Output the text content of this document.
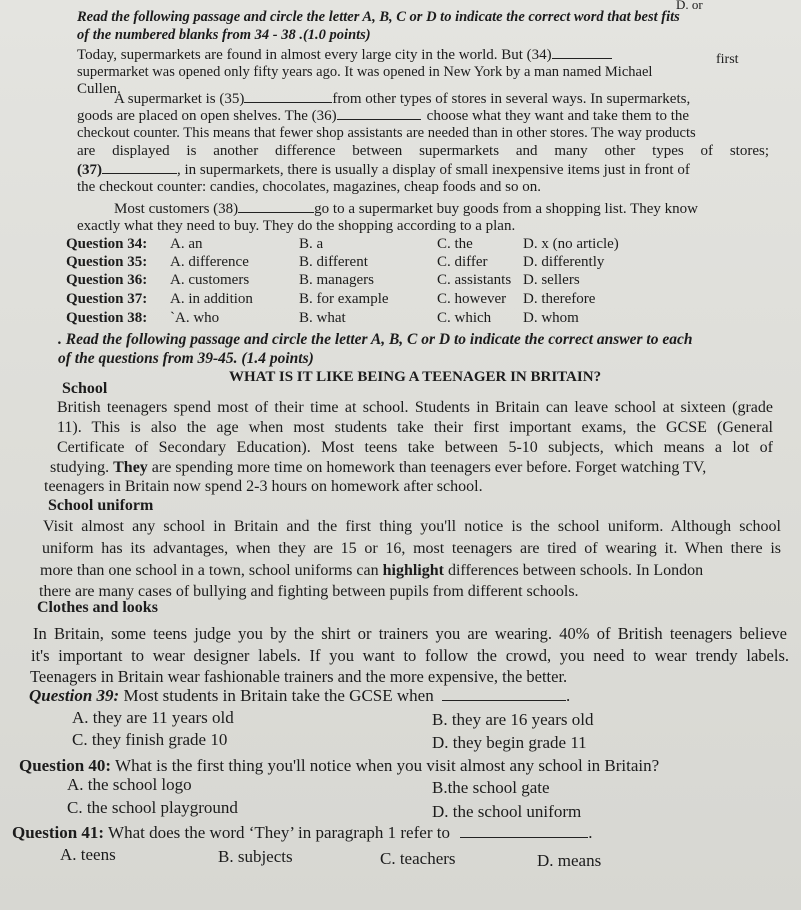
D. or
Read the following passage and circle the letter A, B, C or D to indicate the correct word that best fits
of the numbered blanks from 34 - 38 .(1.0 points)
Today, supermarkets are found in almost every large city in the world. But (34)	first
supermarket was opened only fifty years ago. It was opened in New York by a man named Michael
Cullen.
A supermarket is (35)	from other types of stores in several ways. In supermarkets,
goods are placed on open shelves. The (36)	choose what they want and take them to the
checkout counter. This means that fewer shop assistants are needed than in other stores. The way products
are displayed is another difference between supermarkets and many other types of stores;
(37)	, in supermarkets, there is usually a display of small inexpensive items just in front of
the checkout counter: candies, chocolates, magazines, cheap foods and so on.
Most customers (38)	go to a supermarket buy goods from a shopping list. They know
exactly what they need to buy. They do the shopping according to a plan.
Question 34: A. an	B. a	C. the	D. x (no article)
Question 35: A. difference	B. different	C. differ D. differently
Question 36: A. customers	B. managers	C. assistants D. sellers
Question 37: A. in addition	B. for example	C. however D. therefore
Question 38: `A. who	B. what	C. which D. whom
. Read the following passage and circle the letter A, B, C or D to indicate the correct answer to each
of the questions from 39-45. (1.4 points)
WHAT IS IT LIKE BEING A TEENAGER IN BRITAIN?
School
British teenagers spend most of their time at school. Students in Britain can leave school at sixteen (grade
11). This is also the age when most students take their first important exams, the GCSE (General
Certificate of Secondary Education). Most teens take between 5-10 subjects, which means a lot of
studying. They are spending more time on homework than teenagers ever before. Forget watching TV,
teenagers in Britain now spend 2-3 hours on homework after school.
School uniform
Visit almost any school in Britain and the first thing you'll notice is the school uniform. Although school
uniform has its advantages, when they are 15 or 16, most teenagers are tired of wearing it. When there is
more than one school in a town, school uniforms can highlight differences between schools. In London
there are many cases of bullying and fighting between pupils from different schools.
Clothes and looks
In Britain, some teens judge you by the shirt or trainers you are wearing. 40% of British teenagers believe
it's important to wear designer labels. If you want to follow the crowd, you need to wear trendy labels.
Teenagers in Britain wear fashionable trainers and the more expensive, the better.
Question 39: Most students in Britain take the GCSE when	.
A. they are 11 years old	B. they are 16 years old
C. they finish grade 10	D. they begin grade 11
Question 40: What is the first thing you'll notice when you visit almost any school in Britain?
A. the school logo	B.the school gate
C. the school playground	D. the school uniform
Question 41: What does the word ‘They’ in paragraph 1 refer to	.
A. teens	B. subjects	C. teachers	D. means
